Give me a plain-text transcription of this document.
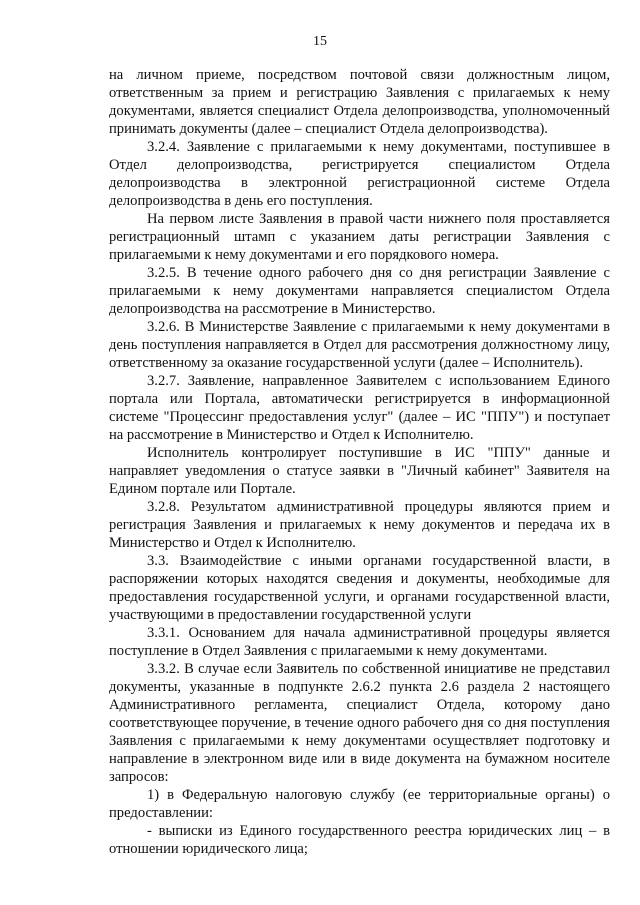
15

на личном приеме, посредством почтовой связи должностным лицом, ответственным за прием и регистрацию Заявления с прилагаемых к нему документами, является специалист Отдела делопроизводства, уполномоченный принимать документы (далее – специалист Отдела делопроизводства).

3.2.4. Заявление с прилагаемыми к нему документами, поступившее в Отдел делопроизводства, регистрируется специалистом Отдела делопроизводства в электронной регистрационной системе Отдела делопроизводства в день его поступления.

На первом листе Заявления в правой части нижнего поля проставляется регистрационный штамп с указанием даты регистрации Заявления с прилагаемыми к нему документами и его порядкового номера.

3.2.5. В течение одного рабочего дня со дня регистрации Заявление с прилагаемыми к нему документами направляется специалистом Отдела делопроизводства на рассмотрение в Министерство.

3.2.6. В Министерстве Заявление с прилагаемыми к нему документами в день поступления направляется в Отдел для рассмотрения должностному лицу, ответственному за оказание государственной услуги (далее – Исполнитель).

3.2.7. Заявление, направленное Заявителем с использованием Единого портала или Портала, автоматически регистрируется в информационной системе "Процессинг предоставления услуг" (далее – ИС "ППУ") и поступает на рассмотрение в Министерство и Отдел к Исполнителю.

Исполнитель контролирует поступившие в ИС "ППУ" данные и направляет уведомления о статусе заявки в "Личный кабинет" Заявителя на Едином портале или Портале.

3.2.8. Результатом административной процедуры являются прием и регистрация Заявления и прилагаемых к нему документов и передача их в Министерство и Отдел к Исполнителю.

3.3. Взаимодействие с иными органами государственной власти, в распоряжении которых находятся сведения и документы, необходимые для предоставления государственной услуги, и органами государственной власти, участвующими в предоставлении государственной услуги

3.3.1. Основанием для начала административной процедуры является поступление в Отдел Заявления с прилагаемыми к нему документами.

3.3.2. В случае если Заявитель по собственной инициативе не представил документы, указанные в подпункте 2.6.2 пункта 2.6 раздела 2 настоящего Административного регламента, специалист Отдела, которому дано соответствующее поручение, в течение одного рабочего дня со дня поступления Заявления с прилагаемыми к нему документами осуществляет подготовку и направление в электронном виде или в виде документа на бумажном носителе запросов:

1) в Федеральную налоговую службу (ее территориальные органы) о предоставлении:

- выписки из Единого государственного реестра юридических лиц – в отношении юридического лица;
